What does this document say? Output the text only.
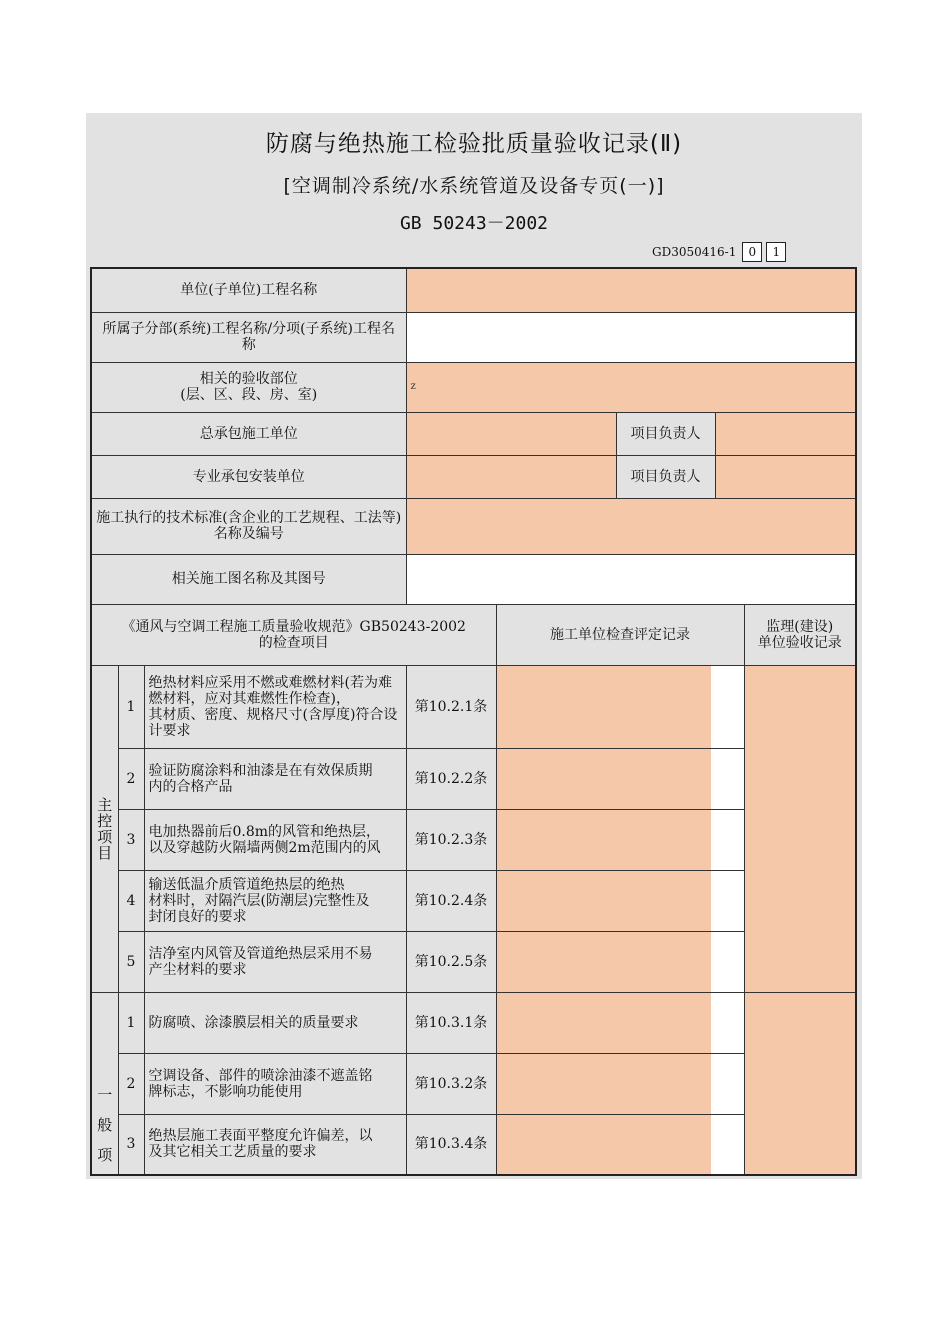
防腐与绝热施工检验批质量验收记录(Ⅱ)
[空调制冷系统/水系统管道及设备专页(一)]
GB 50243－2002
GD3050416-1	0	1
单位(子单位)工程名称							
所属子分部(系统)工程名称/分项(子系统)工程名称							
相关的验收部位
(层、区、段、房、室)			z				
总承包施工单位					项目负责人		
专业承包安装单位					项目负责人		
施工执行的技术标准(含企业的工艺规程、工法等)名称及编号							
相关施工图名称及其图号							
《通风与空调工程施工质量验收规范》GB50243-2002
的检查项目				施工单位检查评定记录			监理(建设)
单位验收记录
主
控
项
目	1	绝热材料应采用不燃或难燃材料(若为难燃材料，应对其难燃性作检查)，
其材质、密度、规格尺寸(含厚度)符合设计要求	第10.2.1条			

	2	验证防腐涂料和油漆是在有效保质期
内的合格产品	第10.2.2条				

	3	电加热器前后0.8m的风管和绝热层，
以及穿越防火隔墙两侧2m范围内的风	第10.2.3条				

	4	输送低温介质管道绝热层的绝热
材料时，对隔汽层(防潮层)完整性及
封闭良好的要求	第10.2.4条				

	5	洁净室内风管及管道绝热层采用不易
产尘材料的要求	第10.2.5条				

一
般
项	1	防腐喷、涂漆膜层相关的质量要求	第10.3.1条			

	2	空调设备、部件的喷涂油漆不遮盖铭
牌标志，不影响功能使用	第10.3.2条				

	3	绝热层施工表面平整度允许偏差，以
及其它相关工艺质量的要求	第10.3.4条				
